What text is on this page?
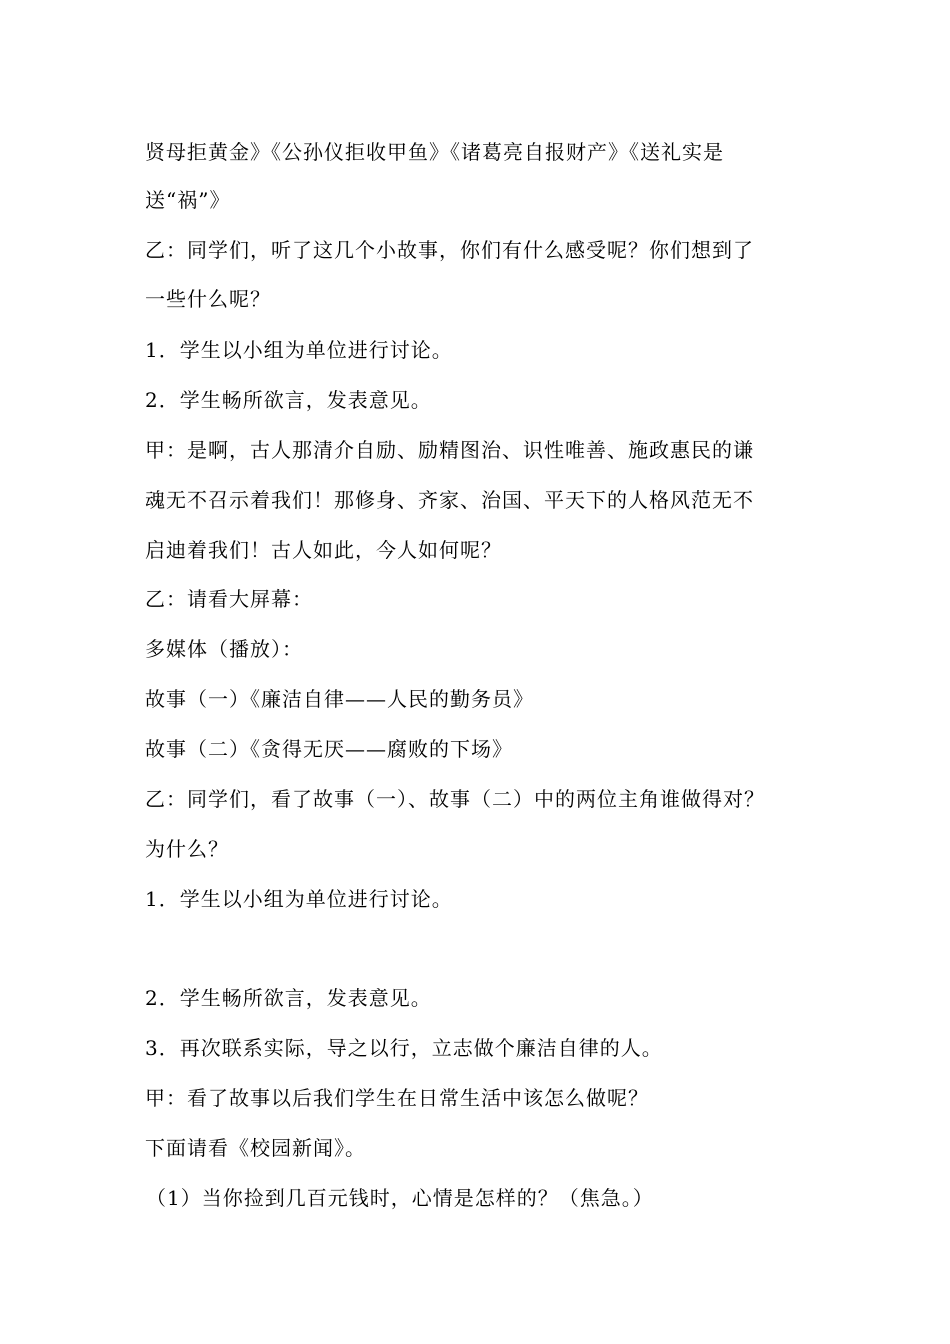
贤母拒黄金》《公孙仪拒收甲鱼》《诸葛亮自报财产》《送礼实是
送“祸”》
乙：同学们，听了这几个小故事，你们有什么感受呢？你们想到了
一些什么呢？
1．学生以小组为单位进行讨论。
2．学生畅所欲言，发表意见。
甲：是啊，古人那清介自励、励精图治、识性唯善、施政惠民的谦
魂无不召示着我们！那修身、齐家、治国、平天下的人格风范无不
启迪着我们！古人如此，今人如何呢？
乙：请看大屏幕：
多媒体（播放）：
故事（一）《廉洁自律——人民的勤务员》
故事（二）《贪得无厌——腐败的下场》
乙：同学们，看了故事（一）、故事（二）中的两位主角谁做得对？
为什么？
1．学生以小组为单位进行讨论。
2．学生畅所欲言，发表意见。
3．再次联系实际，导之以行，立志做个廉洁自律的人。
甲：看了故事以后我们学生在日常生活中该怎么做呢？
下面请看《校园新闻》。
（1）当你捡到几百元钱时，心情是怎样的？（焦急。）
